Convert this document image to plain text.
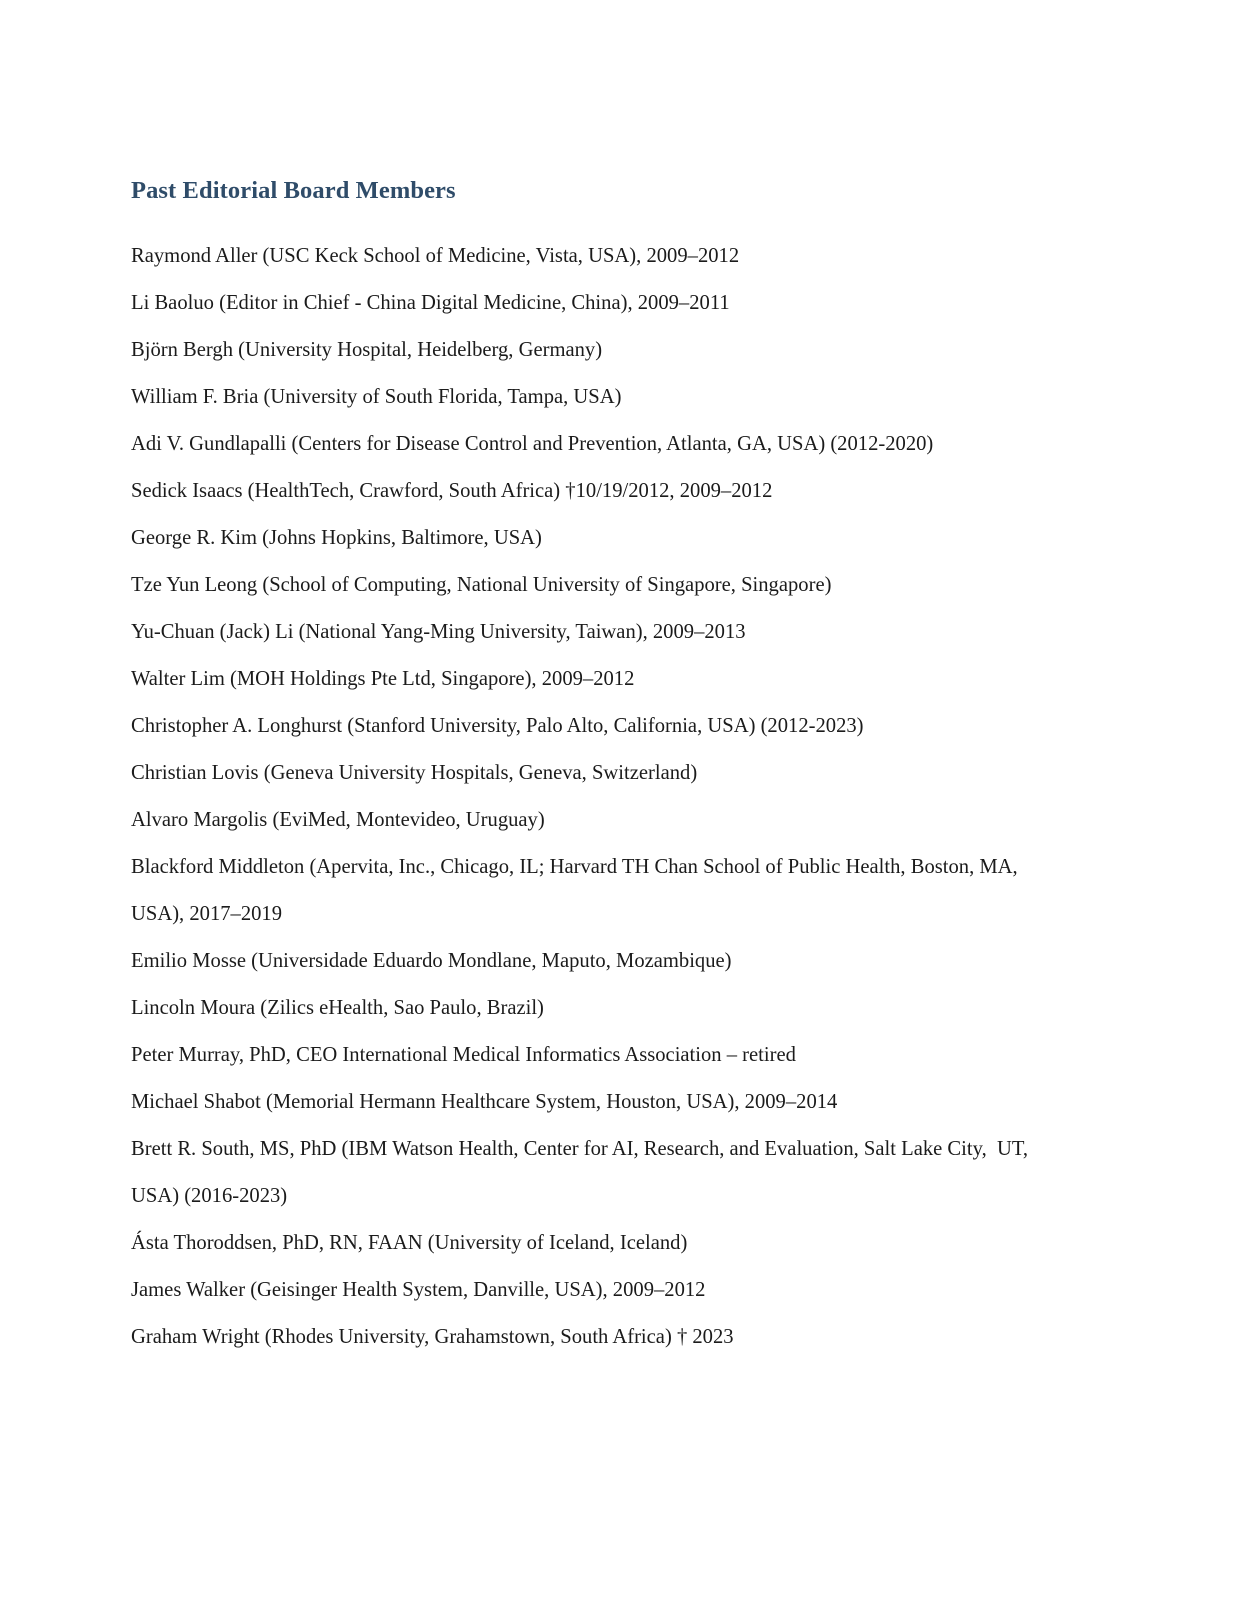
Past Editorial Board Members

Raymond Aller (USC Keck School of Medicine, Vista, USA), 2009–2012

Li Baoluo (Editor in Chief - China Digital Medicine, China), 2009–2011

Björn Bergh (University Hospital, Heidelberg, Germany)

William F. Bria (University of South Florida, Tampa, USA)

Adi V. Gundlapalli (Centers for Disease Control and Prevention, Atlanta, GA, USA) (2012-2020)

Sedick Isaacs (HealthTech, Crawford, South Africa) †10/19/2012, 2009–2012

George R. Kim (Johns Hopkins, Baltimore, USA)

Tze Yun Leong (School of Computing, National University of Singapore, Singapore)

Yu-Chuan (Jack) Li (National Yang-Ming University, Taiwan), 2009–2013

Walter Lim (MOH Holdings Pte Ltd, Singapore), 2009–2012

Christopher A. Longhurst (Stanford University, Palo Alto, California, USA) (2012-2023)

Christian Lovis (Geneva University Hospitals, Geneva, Switzerland)

Alvaro Margolis (EviMed, Montevideo, Uruguay)

Blackford Middleton (Apervita, Inc., Chicago, IL; Harvard TH Chan School of Public Health, Boston, MA, USA), 2017–2019

Emilio Mosse (Universidade Eduardo Mondlane, Maputo, Mozambique)

Lincoln Moura (Zilics eHealth, Sao Paulo, Brazil)

Peter Murray, PhD, CEO International Medical Informatics Association – retired

Michael Shabot (Memorial Hermann Healthcare System, Houston, USA), 2009–2014

Brett R. South, MS, PhD (IBM Watson Health, Center for AI, Research, and Evaluation, Salt Lake City,  UT, USA) (2016-2023)

Ásta Thoroddsen, PhD, RN, FAAN (University of Iceland, Iceland)

James Walker (Geisinger Health System, Danville, USA), 2009–2012

Graham Wright (Rhodes University, Grahamstown, South Africa) † 2023
